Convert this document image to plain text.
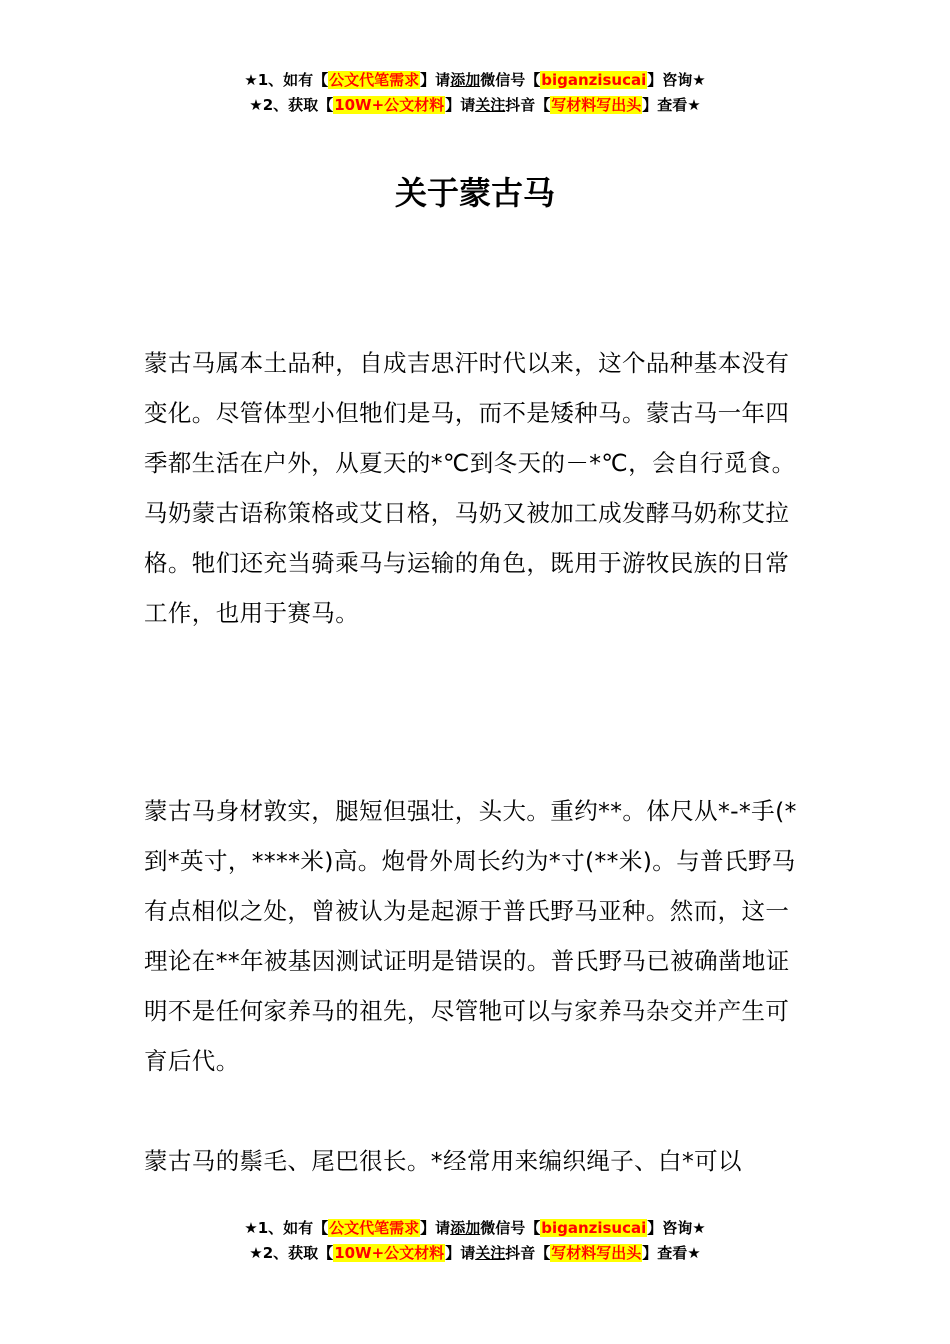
★1、如有【公文代笔需求】请添加微信号【biganzisucai】咨询★
★2、获取【10W+公文材料】请关注抖音【写材料写出头】查看★
关于蒙古马

蒙古马属本土品种，自成吉思汗时代以来，这个品种基本没有变化。尽管体型小但牠们是马，而不是矮种马。蒙古马一年四季都生活在户外，从夏天的*℃到冬天的－*℃，会自行觅食。马奶蒙古语称策格或艾日格，马奶又被加工成发酵马奶称艾拉格。牠们还充当骑乘马与运输的角色，既用于游牧民族的日常工作，也用于赛马。

蒙古马身材敦实，腿短但强壮，头大。重约**。体尺从*-*手(*到*英寸，****米)高。炮骨外周长约为*寸(**米)。与普氏野马有点相似之处，曾被认为是起源于普氏野马亚种。然而，这一理论在**年被基因测试证明是错误的。普氏野马已被确凿地证明不是任何家养马的祖先，尽管牠可以与家养马杂交并产生可育后代。

蒙古马的鬃毛、尾巴很长。*经常用来编织绳子、白*可以

★1、如有【公文代笔需求】请添加微信号【biganzisucai】咨询★
★2、获取【10W+公文材料】请关注抖音【写材料写出头】查看★
